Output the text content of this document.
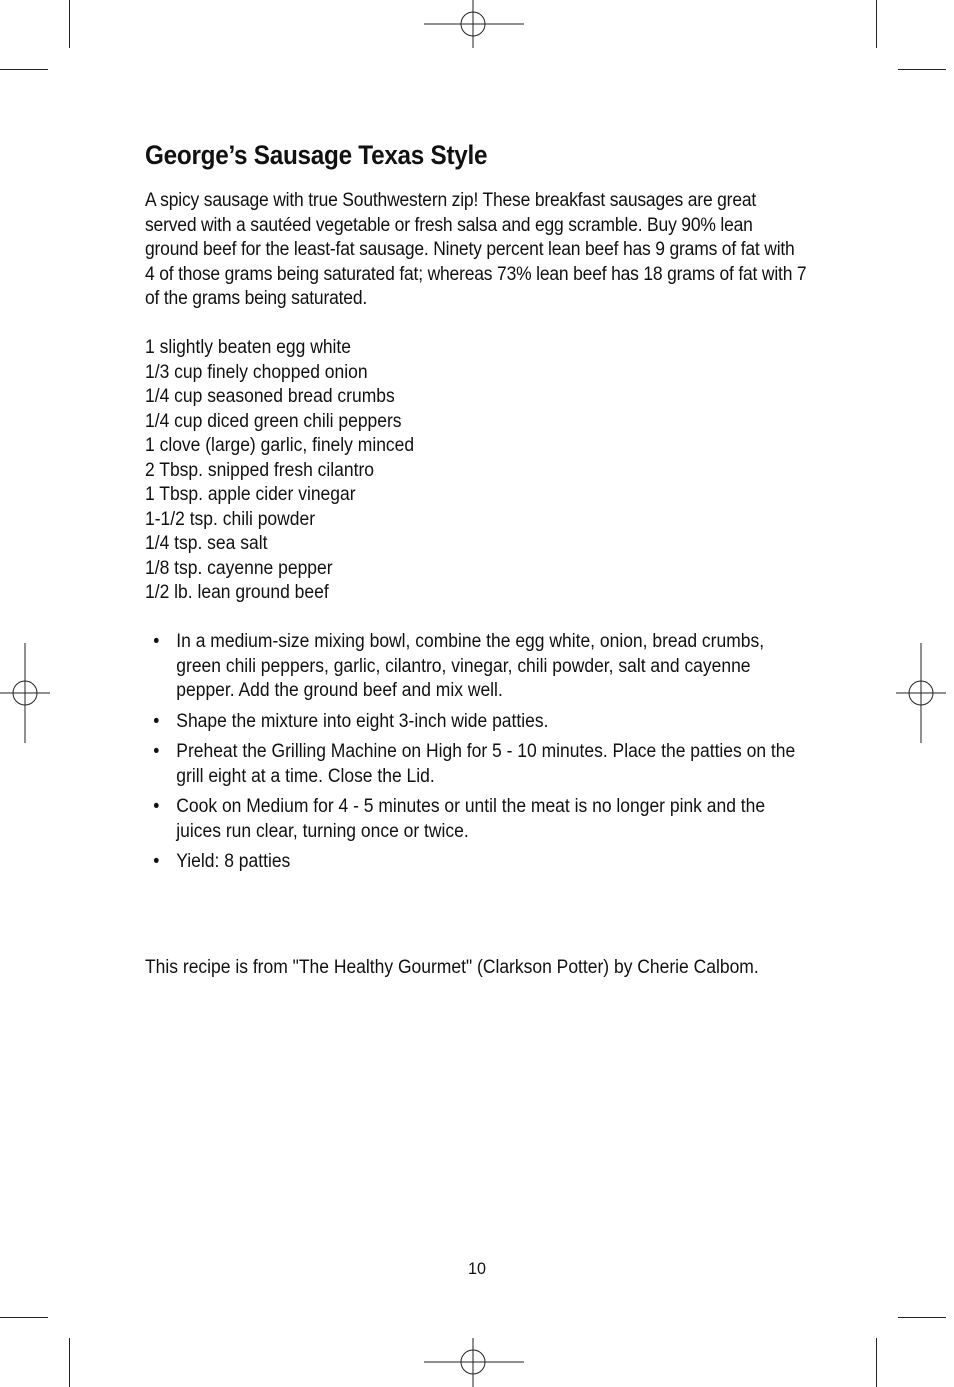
George’s Sausage Texas Style

A spicy sausage with true Southwestern zip! These breakfast sausages are great served with a sautéed vegetable or fresh salsa and egg scramble. Buy 90% lean ground beef for the least-fat sausage. Ninety percent lean beef has 9 grams of fat with 4 of those grams being saturated fat; whereas 73% lean beef has 18 grams of fat with 7 of the grams being saturated.

1 slightly beaten egg white
1/3 cup finely chopped onion
1/4 cup seasoned bread crumbs
1/4 cup diced green chili peppers
1 clove (large) garlic, finely minced
2 Tbsp. snipped fresh cilantro
1 Tbsp. apple cider vinegar
1-1/2 tsp. chili powder
1/4 tsp. sea salt
1/8 tsp. cayenne pepper
1/2 lb. lean ground beef
• In a medium-size mixing bowl, combine the egg white, onion, bread crumbs, green chili peppers, garlic, cilantro, vinegar, chili powder, salt and cayenne pepper. Add the ground beef and mix well.
• Shape the mixture into eight 3-inch wide patties.
• Preheat the Grilling Machine on High for 5 - 10 minutes. Place the patties on the grill eight at a time. Close the Lid.
• Cook on Medium for 4 - 5 minutes or until the meat is no longer pink and the juices run clear, turning once or twice.
• Yield: 8 patties

This recipe is from "The Healthy Gourmet" (Clarkson Potter) by Cherie Calbom.

10
